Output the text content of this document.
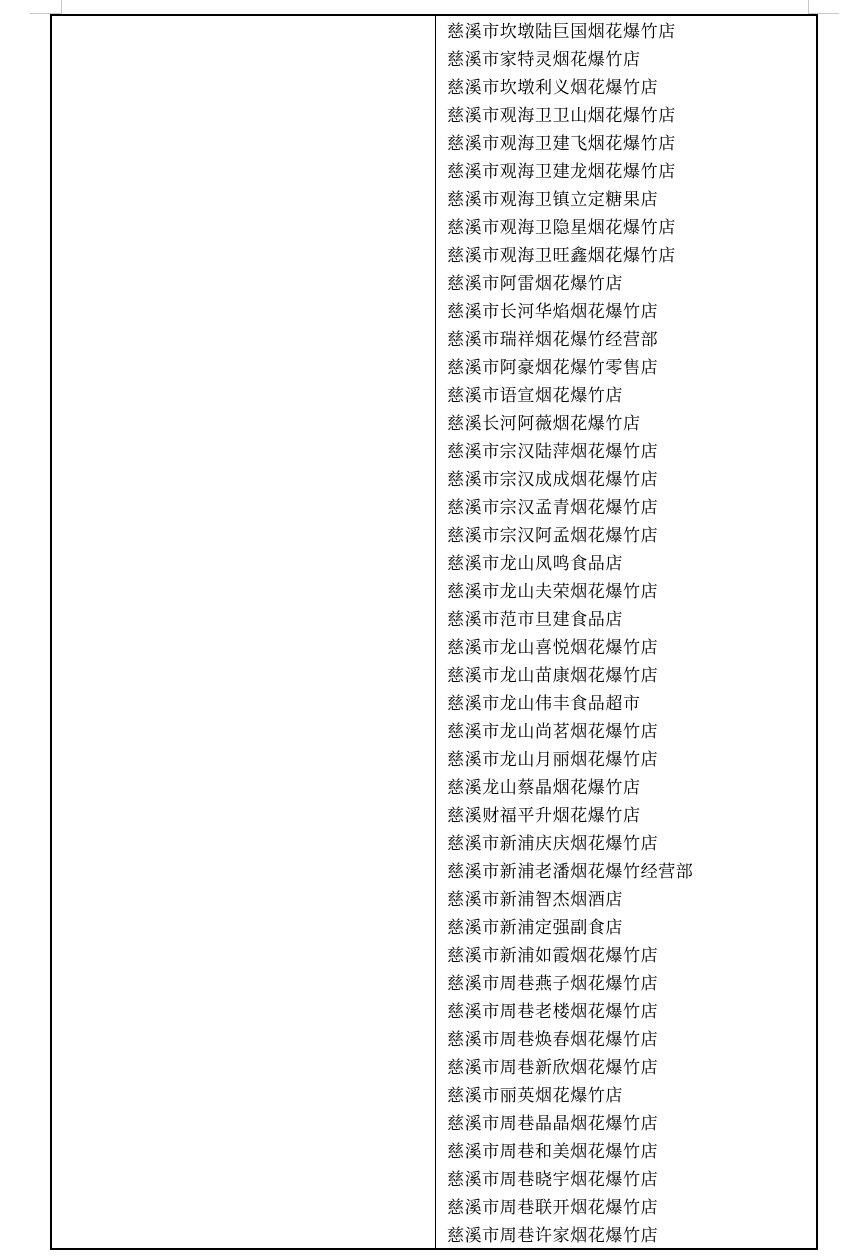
慈溪市坎墩陆巨国烟花爆竹店
慈溪市家特灵烟花爆竹店
慈溪市坎墩利义烟花爆竹店
慈溪市观海卫卫山烟花爆竹店
慈溪市观海卫建飞烟花爆竹店
慈溪市观海卫建龙烟花爆竹店
慈溪市观海卫镇立定糖果店
慈溪市观海卫隐星烟花爆竹店
慈溪市观海卫旺鑫烟花爆竹店
慈溪市阿雷烟花爆竹店
慈溪市长河华焰烟花爆竹店
慈溪市瑞祥烟花爆竹经营部
慈溪市阿豪烟花爆竹零售店
慈溪市语宣烟花爆竹店
慈溪长河阿薇烟花爆竹店
慈溪市宗汉陆萍烟花爆竹店
慈溪市宗汉成成烟花爆竹店
慈溪市宗汉孟青烟花爆竹店
慈溪市宗汉阿孟烟花爆竹店
慈溪市龙山凤鸣食品店
慈溪市龙山夫荣烟花爆竹店
慈溪市范市旦建食品店
慈溪市龙山喜悦烟花爆竹店
慈溪市龙山苗康烟花爆竹店
慈溪市龙山伟丰食品超市
慈溪市龙山尚茗烟花爆竹店
慈溪市龙山月丽烟花爆竹店
慈溪龙山蔡晶烟花爆竹店
慈溪财福平升烟花爆竹店
慈溪市新浦庆庆烟花爆竹店
慈溪市新浦老潘烟花爆竹经营部
慈溪市新浦智杰烟酒店
慈溪市新浦定强副食店
慈溪市新浦如霞烟花爆竹店
慈溪市周巷燕子烟花爆竹店
慈溪市周巷老楼烟花爆竹店
慈溪市周巷焕春烟花爆竹店
慈溪市周巷新欣烟花爆竹店
慈溪市丽英烟花爆竹店
慈溪市周巷晶晶烟花爆竹店
慈溪市周巷和美烟花爆竹店
慈溪市周巷晓宇烟花爆竹店
慈溪市周巷联开烟花爆竹店
慈溪市周巷许家烟花爆竹店
